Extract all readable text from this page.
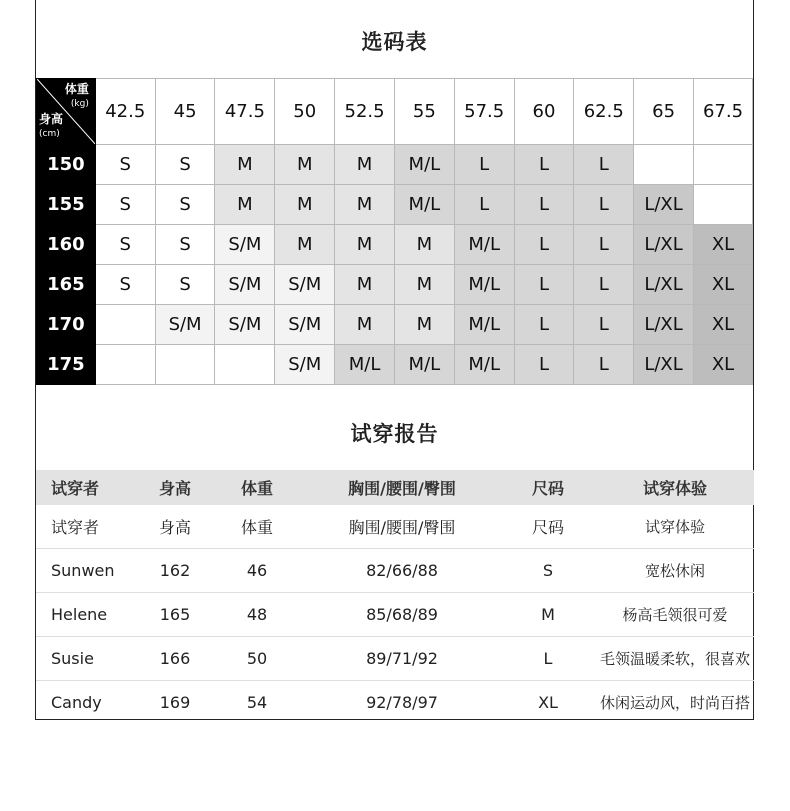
选码表
体重
(kg)
身高
(cm)	42.5	45	47.5	50	52.5	55	57.5	60	62.5	65	67.5
150	S	S	M	M	M	M/L	L	L	L		
155	S	S	M	M	M	M/L	L	L	L	L/XL	
160	S	S	S/M	M	M	M	M/L	L	L	L/XL	XL
165	S	S	S/M	S/M	M	M	M/L	L	L	L/XL	XL
170		S/M	S/M	S/M	M	M	M/L	L	L	L/XL	XL
175				S/M	M/L	M/L	M/L	L	L	L/XL	XL
试穿报告
试穿者	身高	体重	胸围/腰围/臀围	尺码	试穿体验
试穿者	身高	体重	胸围/腰围/臀围	尺码	试穿体验
Sunwen	162	46	82/66/88	S	宽松休闲
Helene	165	48	85/68/89	M	杨高毛领很可爱
Susie	166	50	89/71/92	L	毛领温暖柔软，很喜欢
Candy	169	54	92/78/97	XL	休闲运动风，时尚百搭
